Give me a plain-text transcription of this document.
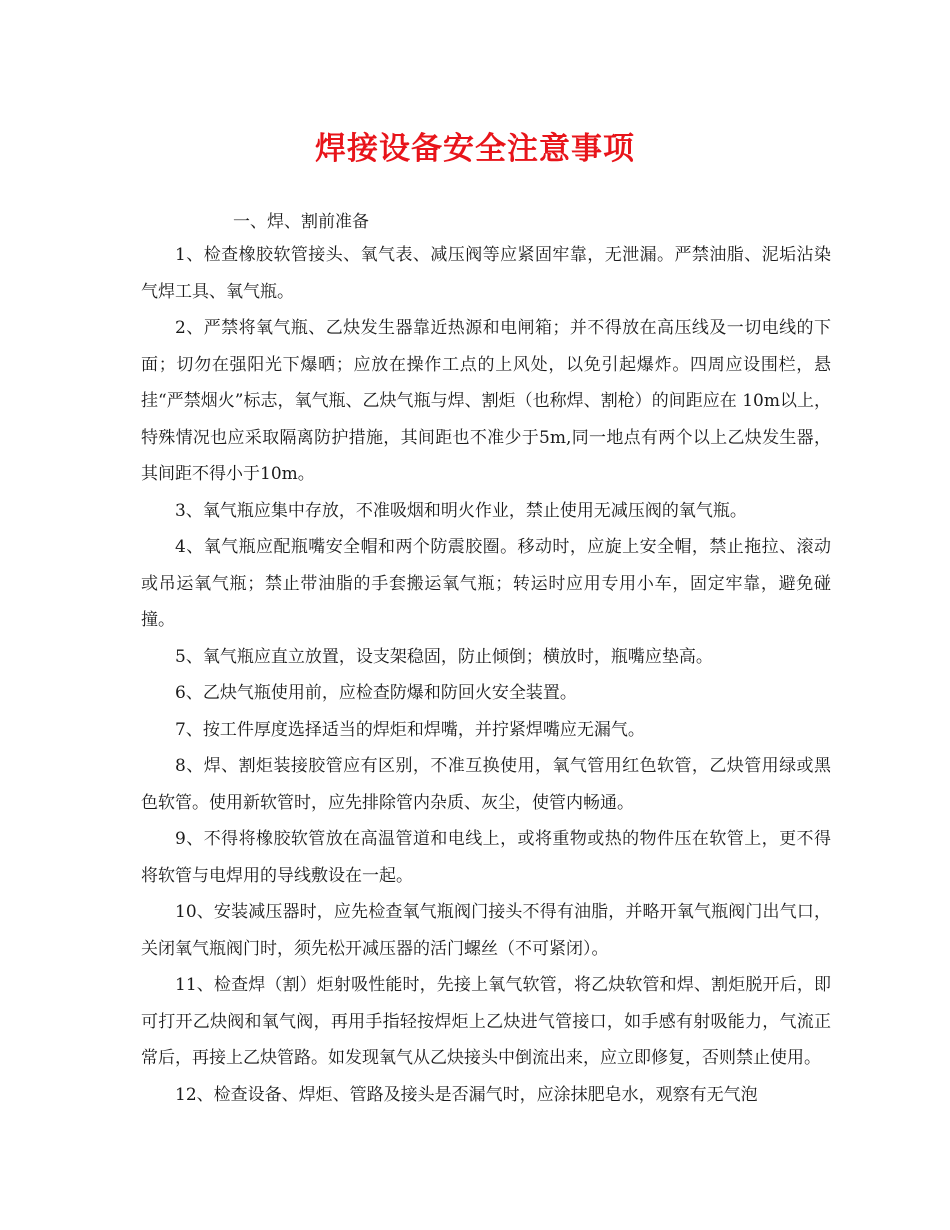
焊接设备安全注意事项

一、焊、割前准备

1、检查橡胶软管接头、氧气表、减压阀等应紧固牢靠，无泄漏。严禁油脂、泥垢沾染气焊工具、氧气瓶。

2、严禁将氧气瓶、乙炔发生器靠近热源和电闸箱；并不得放在高压线及一切电线的下面；切勿在强阳光下爆晒；应放在操作工点的上风处，以免引起爆炸。四周应设围栏，悬挂“严禁烟火”标志，氧气瓶、乙炔气瓶与焊、割炬（也称焊、割枪）的间距应在 10m以上，特殊情况也应采取隔离防护措施，其间距也不准少于5m,同一地点有两个以上乙炔发生器，其间距不得小于10m。

3、氧气瓶应集中存放，不准吸烟和明火作业，禁止使用无减压阀的氧气瓶。

4、氧气瓶应配瓶嘴安全帽和两个防震胶圈。移动时，应旋上安全帽，禁止拖拉、滚动或吊运氧气瓶；禁止带油脂的手套搬运氧气瓶；转运时应用专用小车，固定牢靠，避免碰撞。

5、氧气瓶应直立放置，设支架稳固，防止倾倒；横放时，瓶嘴应垫高。

6、乙炔气瓶使用前，应检查防爆和防回火安全装置。

7、按工件厚度选择适当的焊炬和焊嘴，并拧紧焊嘴应无漏气。

8、焊、割炬装接胶管应有区别，不准互换使用，氧气管用红色软管，乙炔管用绿或黑色软管。使用新软管时，应先排除管内杂质、灰尘，使管内畅通。

9、不得将橡胶软管放在高温管道和电线上，或将重物或热的物件压在软管上，更不得将软管与电焊用的导线敷设在一起。

10、安装减压器时，应先检查氧气瓶阀门接头不得有油脂，并略开氧气瓶阀门出气口，关闭氧气瓶阀门时，须先松开减压器的活门螺丝（不可紧闭）。

11、检查焊（割）炬射吸性能时，先接上氧气软管，将乙炔软管和焊、割炬脱开后，即可打开乙炔阀和氧气阀，再用手指轻按焊炬上乙炔进气管接口，如手感有射吸能力，气流正常后，再接上乙炔管路。如发现氧气从乙炔接头中倒流出来，应立即修复，否则禁止使用。

12、检查设备、焊炬、管路及接头是否漏气时，应涂抹肥皂水，观察有无气泡
